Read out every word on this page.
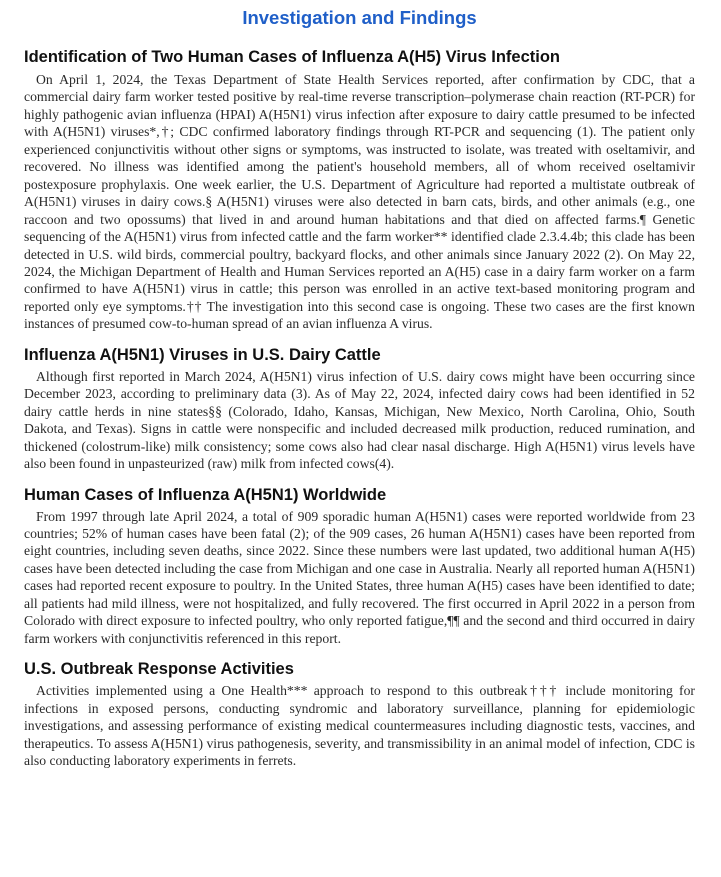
Investigation and Findings
Identification of Two Human Cases of Influenza A(H5) Virus Infection

On April 1, 2024, the Texas Department of State Health Services reported, after confirmation by CDC, that a commercial dairy farm worker tested positive by real-time reverse transcription–polymerase chain reaction (RT-PCR) for highly pathogenic avian influenza (HPAI) A(H5N1) virus infection after exposure to dairy cattle presumed to be infected with A(H5N1) viruses*,†; CDC confirmed laboratory findings through RT-PCR and sequencing (1). The patient only experienced conjunctivitis without other signs or symptoms, was instructed to isolate, was treated with oseltamivir, and recovered. No illness was identified among the patient's household members, all of whom received oseltamivir postexposure prophylaxis. One week earlier, the U.S. Department of Agriculture had reported a multistate outbreak of A(H5N1) viruses in dairy cows.§ A(H5N1) viruses were also detected in barn cats, birds, and other animals (e.g., one raccoon and two opossums) that lived in and around human habitations and that died on affected farms.¶ Genetic sequencing of the A(H5N1) virus from infected cattle and the farm worker** identified clade 2.3.4.4b; this clade has been detected in U.S. wild birds, commercial poultry, backyard flocks, and other animals since January 2022 (2). On May 22, 2024, the Michigan Department of Health and Human Services reported an A(H5) case in a dairy farm worker on a farm confirmed to have A(H5N1) virus in cattle; this person was enrolled in an active text-based monitoring program and reported only eye symptoms.†† The investigation into this second case is ongoing. These two cases are the first known instances of presumed cow-to-human spread of an avian influenza A virus.

Influenza A(H5N1) Viruses in U.S. Dairy Cattle

Although first reported in March 2024, A(H5N1) virus infection of U.S. dairy cows might have been occurring since December 2023, according to preliminary data (3). As of May 22, 2024, infected dairy cows had been identified in 52 dairy cattle herds in nine states§§ (Colorado, Idaho, Kansas, Michigan, New Mexico, North Carolina, Ohio, South Dakota, and Texas). Signs in cattle were nonspecific and included decreased milk production, reduced rumination, and thickened (colostrum-like) milk consistency; some cows also had clear nasal discharge. High A(H5N1) virus levels have also been found in unpasteurized (raw) milk from infected cows(4).

Human Cases of Influenza A(H5N1) Worldwide

From 1997 through late April 2024, a total of 909 sporadic human A(H5N1) cases were reported worldwide from 23 countries; 52% of human cases have been fatal (2); of the 909 cases, 26 human A(H5N1) cases have been reported from eight countries, including seven deaths, since 2022. Since these numbers were last updated, two additional human A(H5) cases have been detected including the case from Michigan and one case in Australia. Nearly all reported human A(H5N1) cases had reported recent exposure to poultry. In the United States, three human A(H5) cases have been identified to date; all patients had mild illness, were not hospitalized, and fully recovered. The first occurred in April 2022 in a person from Colorado with direct exposure to infected poultry, who only reported fatigue,¶¶ and the second and third occurred in dairy farm workers with conjunctivitis referenced in this report.

U.S. Outbreak Response Activities

Activities implemented using a One Health*** approach to respond to this outbreak††† include monitoring for infections in exposed persons, conducting syndromic and laboratory surveillance, planning for epidemiologic investigations, and assessing performance of existing medical countermeasures including diagnostic tests, vaccines, and therapeutics. To assess A(H5N1) virus pathogenesis, severity, and transmissibility in an animal model of infection, CDC is also conducting laboratory experiments in ferrets.
